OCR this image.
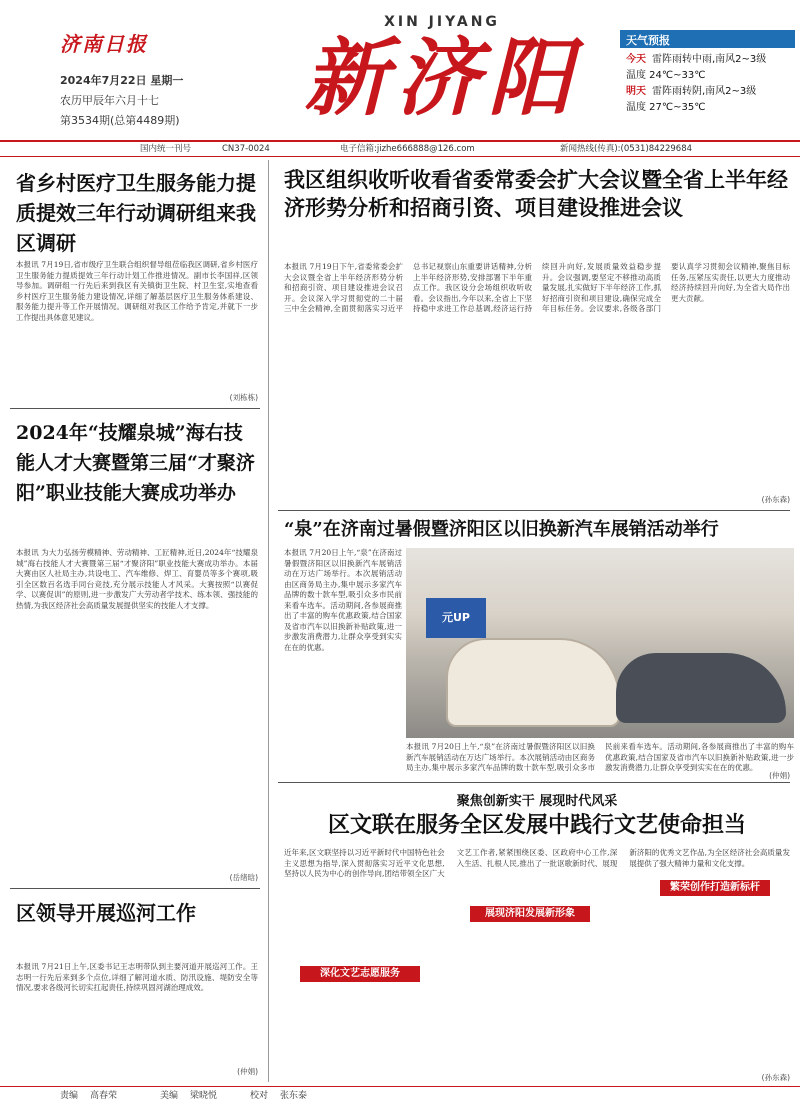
济南日报
2024年7月22日 星期一
农历甲辰年六月十七
第3534期(总第4489期)
XIN JIYANG
新济阳	天气预报
今天 雷阵雨转中雨,南风2~3级
温度 24℃~33℃
明天 雷阵雨转阴,南风2~3级
温度 27℃~35℃
国内统一刊号	CN37-0024	电子信箱:jizhe666888@126.com	新闻热线(传真):(0531)84229684
省乡村医疗卫生服务能力提质提效三年行动调研组来我区调研
本报讯 7月19日,省市级疗卫生联合组织督导组莅临我区调研,省乡村医疗卫生服务能力提质提效三年行动计划工作推进情况。副市长李国祥,区领导参加。调研组一行先后来到我区有关镇街卫生院、村卫生室,实地查看乡村医疗卫生服务能力建设情况,详细了解基层医疗卫生服务体系建设、服务能力提升等工作开展情况。调研组对我区工作给予肯定,并就下一步工作提出具体意见建议。
(刘栋栋)
2024年“技耀泉城”海右技能人才大赛暨第三届“才聚济阳”职业技能大赛成功举办
本报讯 为大力弘扬劳模精神、劳动精神、工匠精神,近日,2024年“技耀泉城”海右技能人才大赛暨第三届“才聚济阳”职业技能大赛成功举办。本届大赛由区人社局主办,共设电工、汽车维修、焊工、育婴员等多个赛项,吸引全区数百名选手同台竞技,充分展示技能人才风采。大赛按照“以赛促学、以赛促训”的原则,进一步激发广大劳动者学技术、练本领、强技能的热情,为我区经济社会高质量发展提供坚实的技能人才支撑。
(岳绪晗)
区领导开展巡河工作
本报讯 7月21日上午,区委书记王志明带队到主要河道开展巡河工作。王志明一行先后来到多个点位,详细了解河道水质、防汛设施、堤防安全等情况,要求各级河长切实扛起责任,持续巩固河湖治理成效。
(仲娟)
我区组织收听收看省委常委会扩大会议暨全省上半年经济形势分析和招商引资、项目建设推进会议
本报讯 7月19日下午,省委常委会扩大会议暨全省上半年经济形势分析和招商引资、项目建设推进会议召开。会议深入学习贯彻党的二十届三中全会精神,全面贯彻落实习近平总书记视察山东重要讲话精神,分析上半年经济形势,安排部署下半年重点工作。我区设分会场组织收听收看。会议指出,今年以来,全省上下坚持稳中求进工作总基调,经济运行持续回升向好,发展质量效益稳步提升。会议强调,要坚定不移推动高质量发展,扎实做好下半年经济工作,抓好招商引资和项目建设,确保完成全年目标任务。会议要求,各级各部门要认真学习贯彻会议精神,聚焦目标任务,压紧压实责任,以更大力度推动经济持续回升向好,为全省大局作出更大贡献。
(孙东森)
“泉”在济南过暑假暨济阳区以旧换新汽车展销活动举行
本报讯 7月20日上午,“泉”在济南过暑假暨济阳区以旧换新汽车展销活动在万达广场举行。本次展销活动由区商务局主办,集中展示多家汽车品牌的数十款车型,吸引众多市民前来看车选车。活动期间,各参展商推出了丰富的购车优惠政策,结合国家及省市汽车以旧换新补贴政策,进一步激发消费潜力,让群众享受到实实在在的优惠。
元UP
本报讯 7月20日上午,“泉”在济南过暑假暨济阳区以旧换新汽车展销活动在万达广场举行。本次展销活动由区商务局主办,集中展示多家汽车品牌的数十款车型,吸引众多市民前来看车选车。活动期间,各参展商推出了丰富的购车优惠政策,结合国家及省市汽车以旧换新补贴政策,进一步激发消费潜力,让群众享受到实实在在的优惠。
(仲娟)
聚焦创新实干 展现时代风采
区文联在服务全区发展中践行文艺使命担当
近年来,区文联坚持以习近平新时代中国特色社会主义思想为指导,深入贯彻落实习近平文化思想,坚持以人民为中心的创作导向,团结带领全区广大文艺工作者,紧紧围绕区委、区政府中心工作,深入生活、扎根人民,推出了一批讴歌新时代、展现新济阳的优秀文艺作品,为全区经济社会高质量发展提供了强大精神力量和文化支撑。
深化文艺志愿服务
展现济阳发展新形象
繁荣创作打造新标杆
(孙东森)
责编 高春荣	美编 梁晓悦	校对 张东泰
